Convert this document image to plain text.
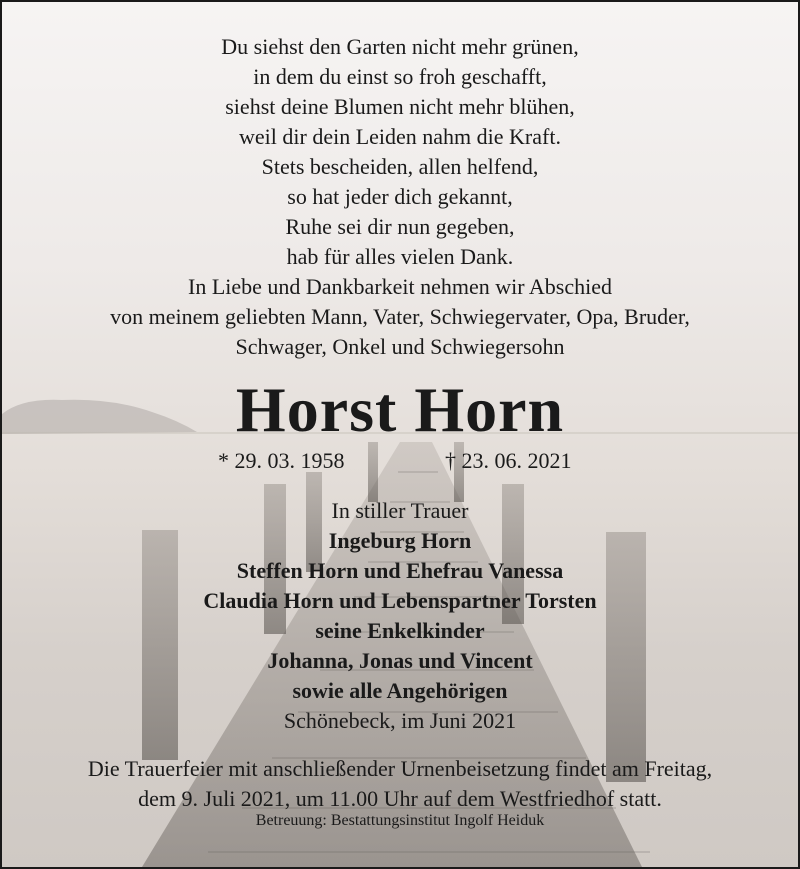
Du siehst den Garten nicht mehr grünen,
in dem du einst so froh geschafft,
siehst deine Blumen nicht mehr blühen,
weil dir dein Leiden nahm die Kraft.
Stets bescheiden, allen helfend,
so hat jeder dich gekannt,
Ruhe sei dir nun gegeben,
hab für alles vielen Dank.
In Liebe und Dankbarkeit nehmen wir Abschied
von meinem geliebten Mann, Vater, Schwiegervater, Opa, Bruder,
Schwager, Onkel und Schwiegersohn
Horst Horn
* 29. 03. 1958	† 23. 06. 2021
In stiller Trauer
Ingeburg Horn
Steffen Horn und Ehefrau Vanessa
Claudia Horn und Lebenspartner Torsten
seine Enkelkinder
Johanna, Jonas und Vincent
sowie alle Angehörigen
Schönebeck, im Juni 2021
Die Trauerfeier mit anschließender Urnenbeisetzung findet am Freitag,
dem 9. Juli 2021, um 11.00 Uhr auf dem Westfriedhof statt.
Betreuung: Bestattungsinstitut Ingolf Heiduk
